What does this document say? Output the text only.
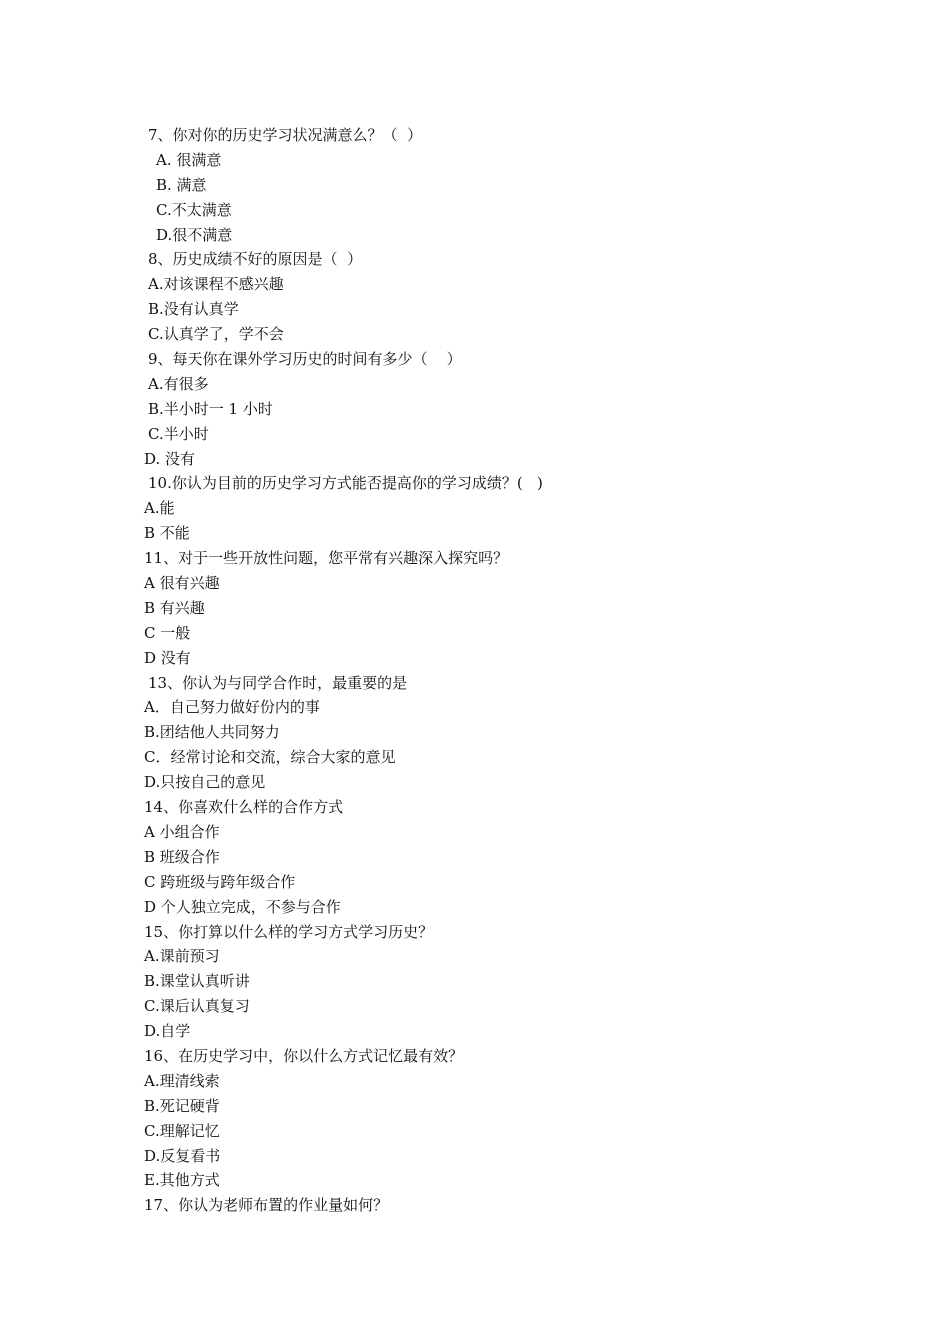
7、你对你的历史学习状况满意么？（  ）
A. 很满意
B. 满意
C.不太满意
D.很不满意
8、历史成绩不好的原因是（  ）
A.对该课程不感兴趣
B.没有认真学
C.认真学了，学不会
9、每天你在课外学习历史的时间有多少（    ）
A.有很多
B.半小时一 1 小时
C.半小时
D. 没有
10.你认为目前的历史学习方式能否提高你的学习成绩？(   )
A.能
B 不能
11、对于一些开放性问题，您平常有兴趣深入探究吗？
A 很有兴趣
B 有兴趣
C 一般
D 没有
13、你认为与同学合作时，最重要的是
A．自己努力做好份内的事
B.团结他人共同努力
C．经常讨论和交流，综合大家的意见
D.只按自己的意见
14、你喜欢什么样的合作方式
A 小组合作
B 班级合作
C 跨班级与跨年级合作
D 个人独立完成，不参与合作
15、你打算以什么样的学习方式学习历史？
A.课前预习
B.课堂认真听讲
C.课后认真复习
D.自学
16、在历史学习中，你以什么方式记忆最有效？
A.理清线索
B.死记硬背
C.理解记忆
D.反复看书
E.其他方式
17、你认为老师布置的作业量如何？
